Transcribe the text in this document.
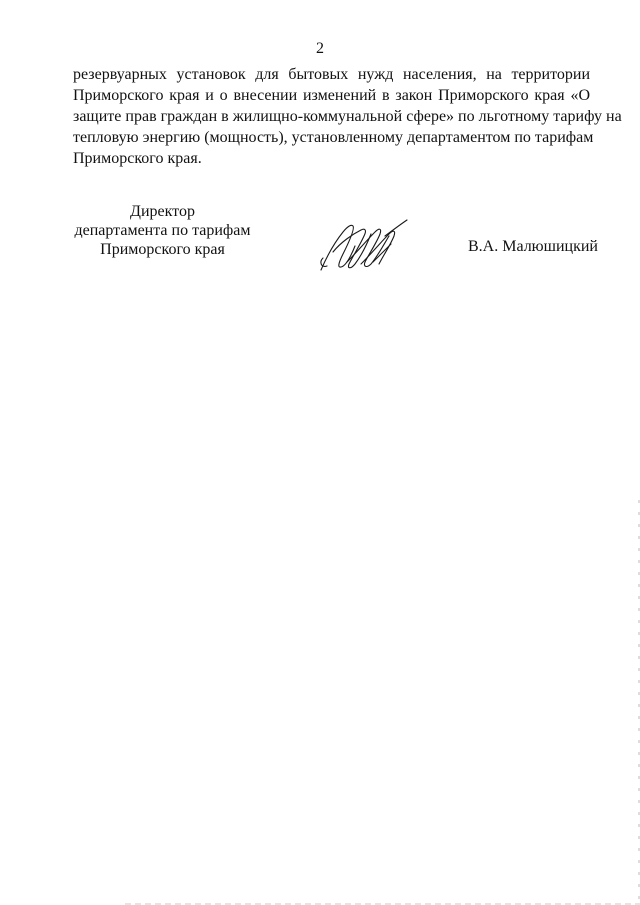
2
резервуарных установок для бытовых нужд населения, на территории
Приморского края и о внесении изменений в закон Приморского края «О
защите прав граждан в жилищно-коммунальной сфере» по льготному тарифу на
тепловую энергию (мощность), установленному департаментом по тарифам
Приморского края.
Директор
департамента по тарифам
Приморского края	В.А. Малюшицкий
